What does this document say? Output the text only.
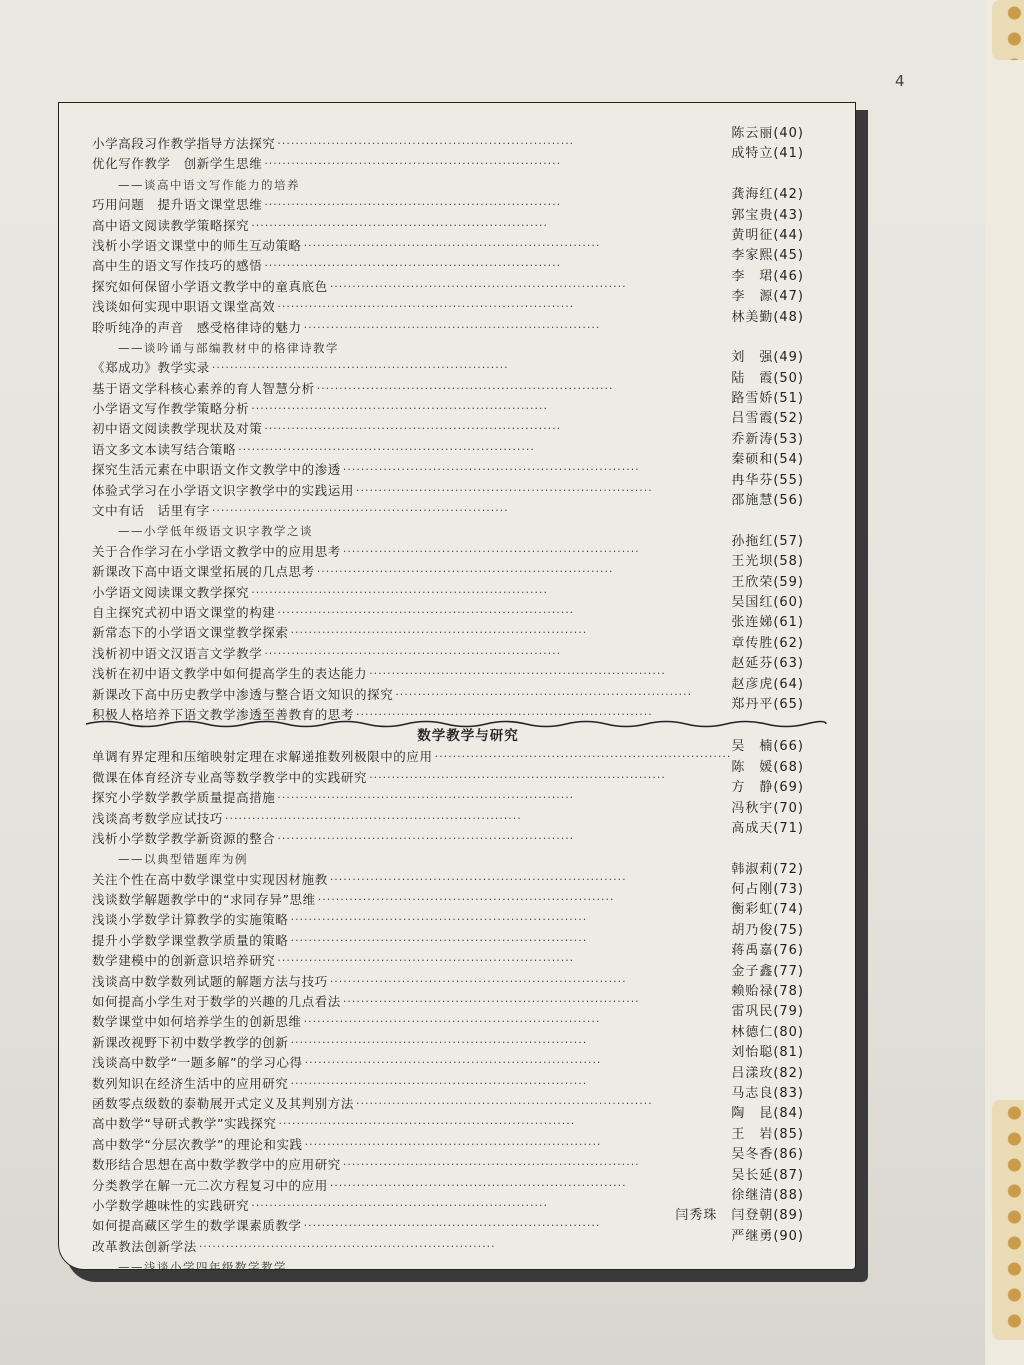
4
小学高段习作教学指导方法探究 ··································································
陈云丽(40)
优化写作教学　创新学生思维 ··································································
成特立(41)
——谈高中语文写作能力的培养
巧用问题　提升语文课堂思维 ··································································
龚海红(42)
高中语文阅读教学策略探究 ··································································
郭宝贵(43)
浅析小学语文课堂中的师生互动策略 ··································································
黄明征(44)
高中生的语文写作技巧的感悟 ··································································
李家熙(45)
探究如何保留小学语文教学中的童真底色 ··································································
李　珺(46)
浅谈如何实现中职语文课堂高效 ··································································
李　源(47)
聆听纯净的声音　感受格律诗的魅力 ··································································
林美勤(48)
——谈吟诵与部编教材中的格律诗教学
《郑成功》教学实录 ··································································
刘　强(49)
基于语文学科核心素养的育人智慧分析 ··································································
陆　霞(50)
小学语文写作教学策略分析 ··································································
路雪娇(51)
初中语文阅读教学现状及对策 ··································································
吕雪霞(52)
语文多文本读写结合策略 ··································································
乔新涛(53)
探究生活元素在中职语文作文教学中的渗透 ··································································
秦硕和(54)
体验式学习在小学语文识字教学中的实践运用 ··································································
冉华芬(55)
文中有话　话里有字 ··································································
邵施慧(56)
——小学低年级语文识字教学之谈
关于合作学习在小学语文教学中的应用思考 ··································································
孙拖红(57)
新课改下高中语文课堂拓展的几点思考 ··································································
王光坝(58)
小学语文阅读课文教学探究 ··································································
王欣荣(59)
自主探究式初中语文课堂的构建 ··································································
吴国红(60)
新常态下的小学语文课堂教学探索 ··································································
张连娣(61)
浅析初中语文汉语言文学教学 ··································································
章传胜(62)
浅析在初中语文教学中如何提高学生的表达能力 ··································································
赵延芬(63)
新课改下高中历史教学中渗透与整合语文知识的探究 ··································································
赵彦虎(64)
积极人格培养下语文教学渗透至善教育的思考 ··································································
郑丹平(65)
数学教学与研究
单调有界定理和压缩映射定理在求解递推数列极限中的应用 ··································································
吴　楠(66)
微课在体育经济专业高等数学教学中的实践研究 ··································································
陈　媛(68)
探究小学数学教学质量提高措施 ··································································
方　静(69)
浅谈高考数学应试技巧 ··································································
冯秋宇(70)
浅析小学数学教学新资源的整合 ··································································
高成天(71)
——以典型错题库为例
关注个性在高中数学课堂中实现因材施教 ··································································
韩淑莉(72)
浅谈数学解题教学中的“求同存异”思维 ··································································
何占刚(73)
浅谈小学数学计算教学的实施策略 ··································································
衡彩虹(74)
提升小学数学课堂教学质量的策略 ··································································
胡乃俊(75)
数学建模中的创新意识培养研究 ··································································
蒋禹嘉(76)
浅谈高中数学数列试题的解题方法与技巧 ··································································
金子鑫(77)
如何提高小学生对于数学的兴趣的几点看法 ··································································
赖贻禄(78)
数学课堂中如何培养学生的创新思维 ··································································
雷巩民(79)
新课改视野下初中数学教学的创新 ··································································
林德仁(80)
浅谈高中数学“一题多解”的学习心得 ··································································
刘怡聪(81)
数列知识在经济生活中的应用研究 ··································································
吕漾玫(82)
函数零点级数的泰勒展开式定义及其判别方法 ··································································
马志良(83)
高中数学“导研式教学”实践探究 ··································································
陶　昆(84)
高中数学“分层次教学”的理论和实践 ··································································
王　岩(85)
数形结合思想在高中数学教学中的应用研究 ··································································
吴冬香(86)
分类教学在解一元二次方程复习中的应用 ··································································
吴长延(87)
小学数学趣味性的实践研究 ··································································
徐继清(88)
如何提高藏区学生的数学课素质教学 ··································································
闫秀珠　闫登朝(89)
改革教法创新学法 ··································································
严继勇(90)
——浅谈小学四年级数学教学
